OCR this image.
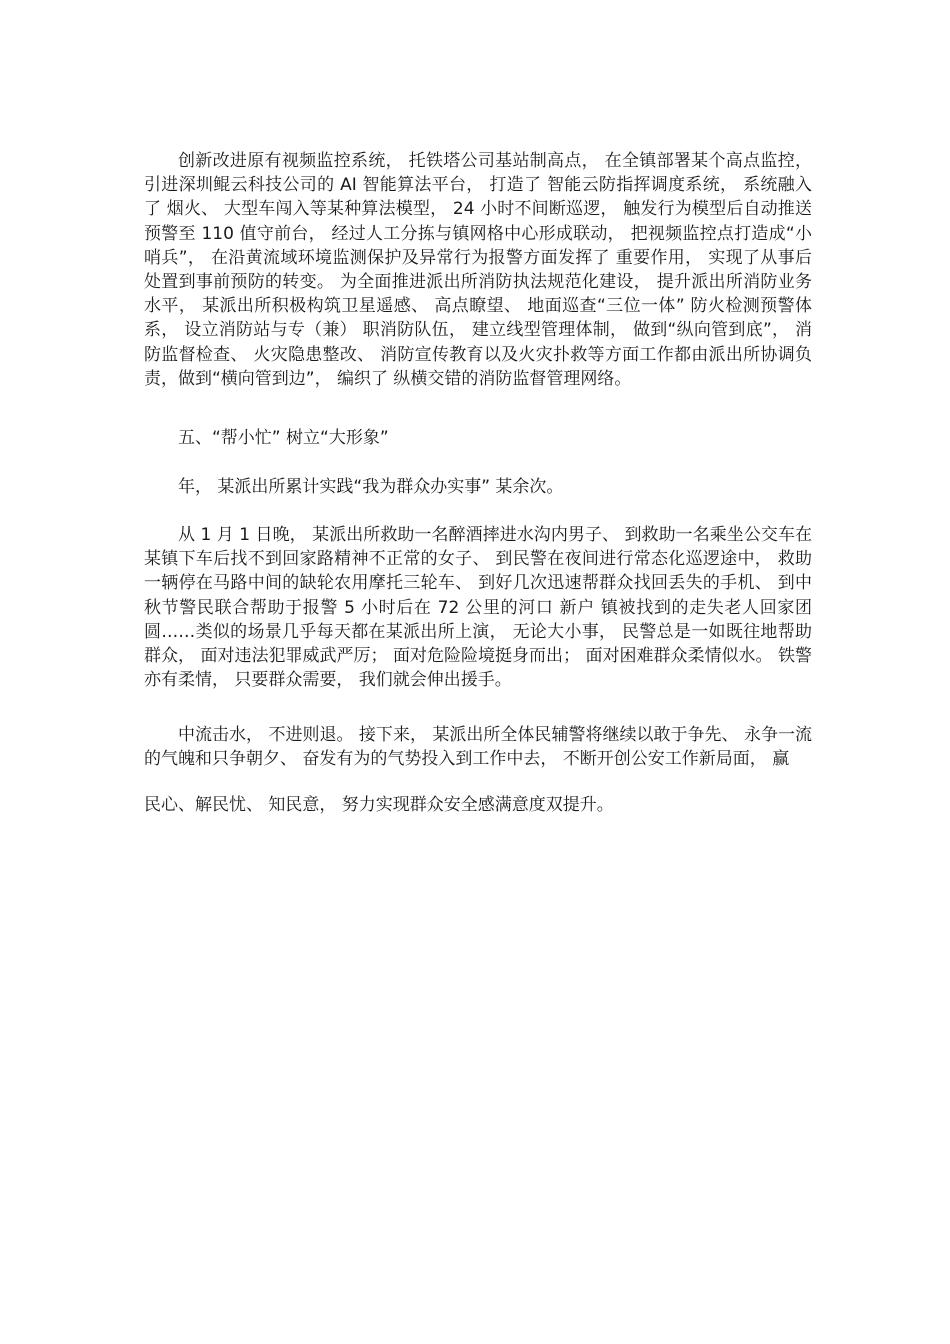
创新改进原有视频监控系统， 托铁塔公司基站制高点， 在全镇部署某个高点监控，引进深圳鲲云科技公司的 AI 智能算法平台， 打造了 智能云防指挥调度系统， 系统融入了 烟火、 大型车闯入等某种算法模型， 24 小时不间断巡逻， 触发行为模型后自动推送预警至 110 值守前台， 经过人工分拣与镇网格中心形成联动， 把视频监控点打造成“小哨兵”， 在沿黄流域环境监测保护及异常行为报警方面发挥了 重要作用， 实现了从事后处置到事前预防的转变。 为全面推进派出所消防执法规范化建设， 提升派出所消防业务水平， 某派出所积极构筑卫星遥感、 高点瞭望、 地面巡查“三位一体” 防火检测预警体系， 设立消防站与专（兼） 职消防队伍， 建立线型管理体制， 做到“纵向管到底”， 消防监督检查、 火灾隐患整改、 消防宣传教育以及火灾扑救等方面工作都由派出所协调负责，做到“横向管到边”， 编织了 纵横交错的消防监督管理网络。

五、“帮小忙” 树立“大形象”

年， 某派出所累计实践“我为群众办实事” 某余次。

从 1 月 1 日晚， 某派出所救助一名醉酒摔进水沟内男子、 到救助一名乘坐公交车在某镇下车后找不到回家路精神不正常的女子、 到民警在夜间进行常态化巡逻途中， 救助一辆停在马路中间的缺轮农用摩托三轮车、 到好几次迅速帮群众找回丢失的手机、 到中秋节警民联合帮助于报警 5 小时后在 72 公里的河口 新户 镇被找到的走失老人回家团圆……类似的场景几乎每天都在某派出所上演， 无论大小事， 民警总是一如既往地帮助群众， 面对违法犯罪威武严厉； 面对危险险境挺身而出； 面对困难群众柔情似水。 铁警亦有柔情， 只要群众需要， 我们就会伸出援手。

中流击水， 不进则退。 接下来， 某派出所全体民辅警将继续以敢于争先、 永争一流的气魄和只争朝夕、 奋发有为的气势投入到工作中去， 不断开创公安工作新局面， 赢

民心、解民忧、 知民意， 努力实现群众安全感满意度双提升。
